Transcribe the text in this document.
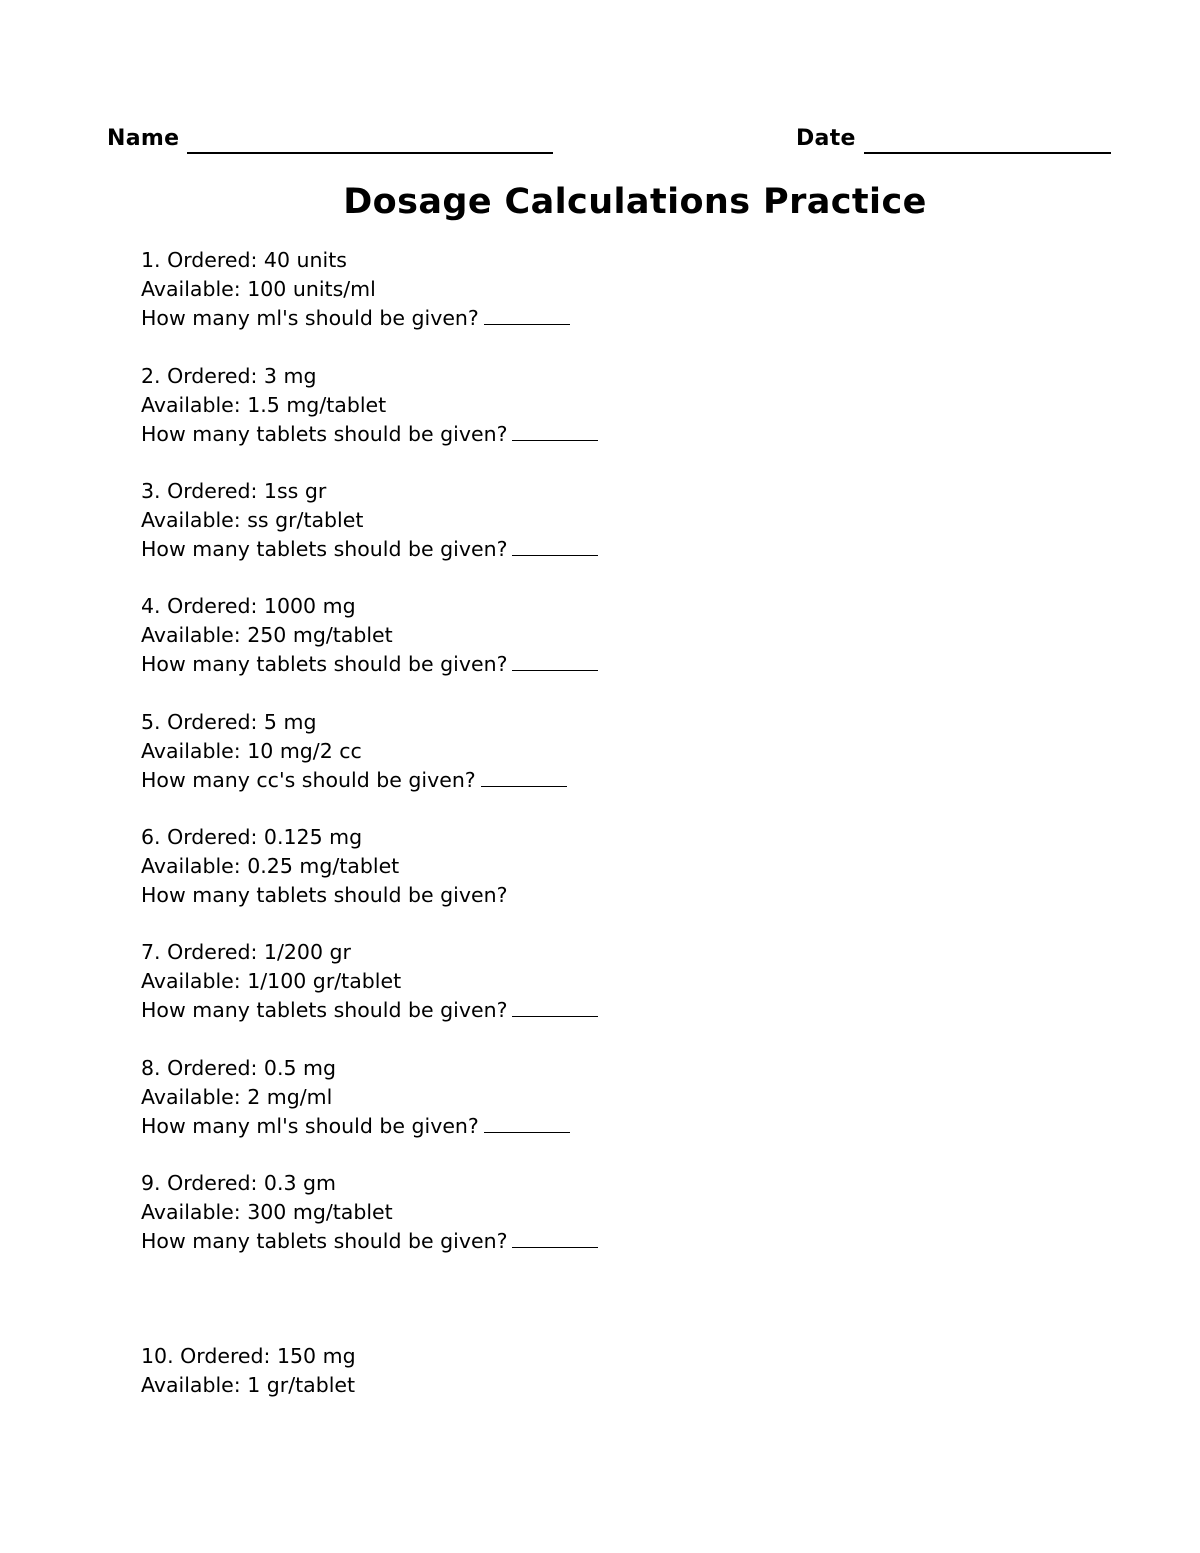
Name	Date
Dosage Calculations Practice
1. Ordered: 40 units
Available: 100 units/ml
How many ml's should be given?
2. Ordered: 3 mg
Available: 1.5 mg/tablet
How many tablets should be given?
3. Ordered: 1ss gr
Available: ss gr/tablet
How many tablets should be given?
4. Ordered: 1000 mg
Available: 250 mg/tablet
How many tablets should be given?
5. Ordered: 5 mg
Available: 10 mg/2 cc
How many cc's should be given?
6. Ordered: 0.125 mg
Available: 0.25 mg/tablet
How many tablets should be given?
7. Ordered: 1/200 gr
Available: 1/100 gr/tablet
How many tablets should be given?
8. Ordered: 0.5 mg
Available: 2 mg/ml
How many ml's should be given?
9. Ordered: 0.3 gm
Available: 300 mg/tablet
How many tablets should be given?
10. Ordered: 150 mg
Available: 1 gr/tablet
